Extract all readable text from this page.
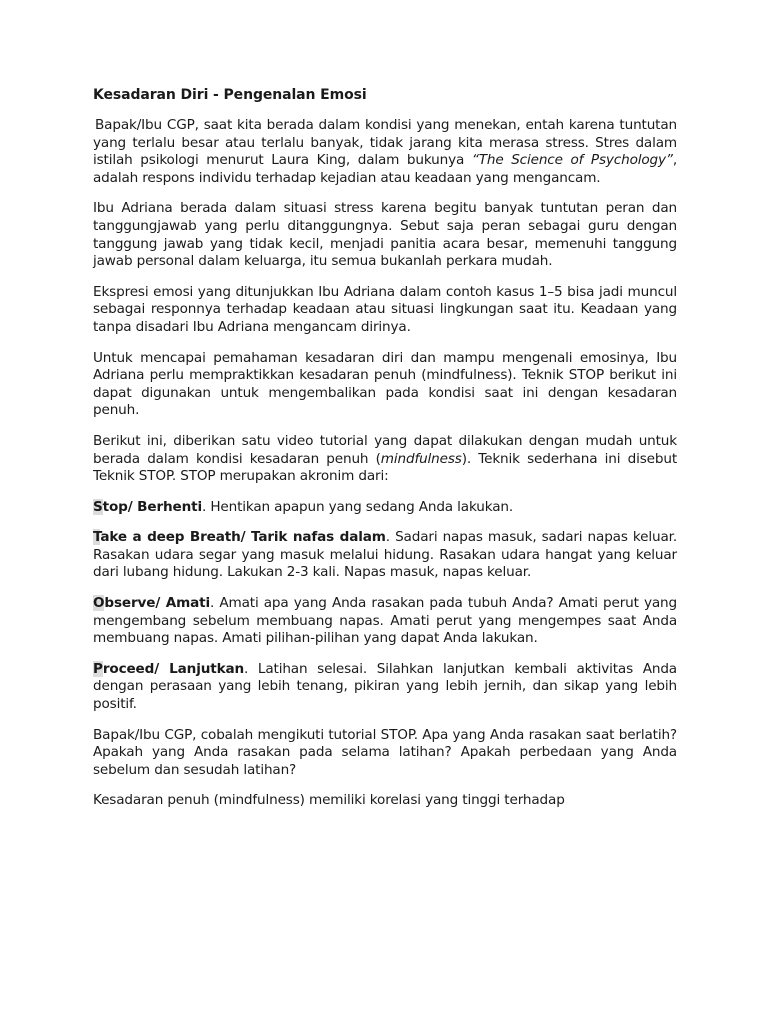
Kesadaran Diri - Pengenalan Emosi

Bapak/Ibu CGP, saat kita berada dalam kondisi yang menekan, entah karena tuntutan yang terlalu besar atau terlalu banyak, tidak jarang kita merasa stress. Stres dalam istilah psikologi menurut Laura King, dalam bukunya “The Science of Psychology”, adalah respons individu terhadap kejadian atau keadaan yang mengancam.

Ibu Adriana berada dalam situasi stress karena begitu banyak tuntutan peran dan tanggungjawab yang perlu ditanggungnya. Sebut saja peran sebagai guru dengan tanggung jawab yang tidak kecil, menjadi panitia acara besar, memenuhi tanggung jawab personal dalam keluarga, itu semua bukanlah perkara mudah.

Ekspresi emosi yang ditunjukkan Ibu Adriana dalam contoh kasus 1–5 bisa jadi muncul sebagai responnya terhadap keadaan atau situasi lingkungan saat itu. Keadaan yang tanpa disadari Ibu Adriana mengancam dirinya.

Untuk mencapai pemahaman kesadaran diri dan mampu mengenali emosinya, Ibu Adriana perlu mempraktikkan kesadaran penuh (mindfulness). Teknik STOP berikut ini dapat digunakan untuk mengembalikan pada kondisi saat ini dengan kesadaran penuh.

Berikut ini, diberikan satu video tutorial yang dapat dilakukan dengan mudah untuk berada dalam kondisi kesadaran penuh (mindfulness). Teknik sederhana ini disebut Teknik STOP. STOP merupakan akronim dari:

Stop/ Berhenti. Hentikan apapun yang sedang Anda lakukan.

Take a deep Breath/ Tarik nafas dalam. Sadari napas masuk, sadari napas keluar. Rasakan udara segar yang masuk melalui hidung. Rasakan udara hangat yang keluar dari lubang hidung. Lakukan 2-3 kali. Napas masuk, napas keluar.

Observe/ Amati. Amati apa yang Anda rasakan pada tubuh Anda? Amati perut yang mengembang sebelum membuang napas. Amati perut yang mengempes saat Anda membuang napas. Amati pilihan-pilihan yang dapat Anda lakukan.

Proceed/ Lanjutkan. Latihan selesai. Silahkan lanjutkan kembali aktivitas Anda dengan perasaan yang lebih tenang, pikiran yang lebih jernih, dan sikap yang lebih positif.

Bapak/Ibu CGP, cobalah mengikuti tutorial STOP. Apa yang Anda rasakan saat berlatih? Apakah yang Anda rasakan pada selama latihan? Apakah perbedaan yang Anda sebelum dan sesudah latihan?

Kesadaran penuh (mindfulness) memiliki korelasi yang tinggi terhadap
